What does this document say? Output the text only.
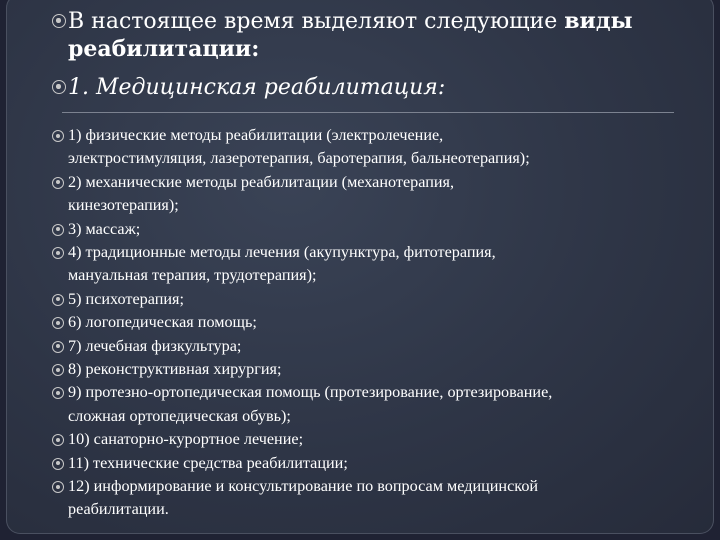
В настоящее время выделяют следующие виды
реабилитации:
1. Медицинская реабилитация:
1) физические методы реабилитации (электролечение,
электростимуляция, лазеротерапия, баротерапия, бальнеотерапия);
2) механические методы реабилитации (механотерапия,
кинезотерапия);
3) массаж;
4) традиционные методы лечения (акупунктура, фитотерапия,
мануальная терапия, трудотерапия);
5) психотерапия;
6) логопедическая помощь;
7) лечебная физкультура;
8) реконструктивная хирургия;
9) протезно-ортопедическая помощь (протезирование, ортезирование,
сложная ортопедическая обувь);
10) санаторно-курортное лечение;
11) технические средства реабилитации;
12) информирование и консультирование по вопросам медицинской
реабилитации.
